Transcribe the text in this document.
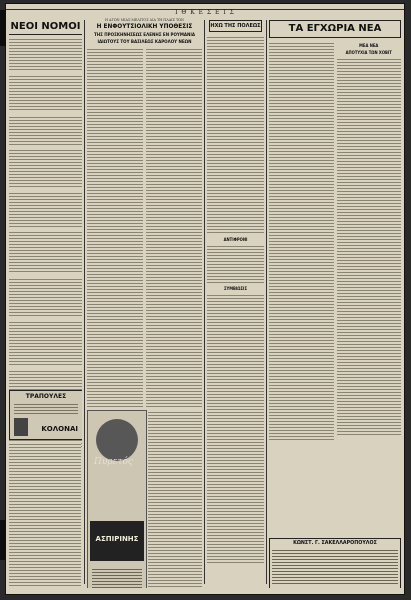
Ι Θ Κ Ε Σ Ε Ι Σ
ΝΕΟΙ ΝΟΜΟΙ
ΤΡΑΠΟΥΛΕΣ
ΚΟΛΟΝΑΙ
Η ΑΓΩΝ ΜΙΑΣ ΜΕΛΙΤΟΣ ΔΙΑ ΤΗ ΠΛΑΙΣ ΤΩΝ
Η ΕΝΦΟΥΤΣΙΟΛΙΚΗ ΥΠΟΘΕΣΙΣ
ΤΗΣ ΠΡΟΣΚΗΝΗΣΕΩΣ ΕΛΕΝΗΣ ΕΝ ΡΟΥΜΑΝΙΑ
ΙΔΙΩΤΟΥΣ ΤΟΥ ΒΑΣΙΛΕΩΣ ΚΑΡΟΛΟΥ ΝΕΩΝ
Πυρετός
ΑΣΠΙΡΙΝΗΣ
ΗΧΩ ΤΗΣ ΠΟΛΕΩΣ
ΑΝΤΙΦΡΟΝΙ
ΣΥΜΒΙΩΣΙΣ
ΤΑ ΕΓΧΩΡΙΑ ΝΕΑ
ΜΕΑ ΝΕΑ
ΑΠΟΤΥΧΙΑ ΤΩΝ ΧΟΒΙΤ
ΚΩΝΣΤ. Γ. ΣΑΚΕΛΛΑΡΟΠΟΥΛΟΣ
